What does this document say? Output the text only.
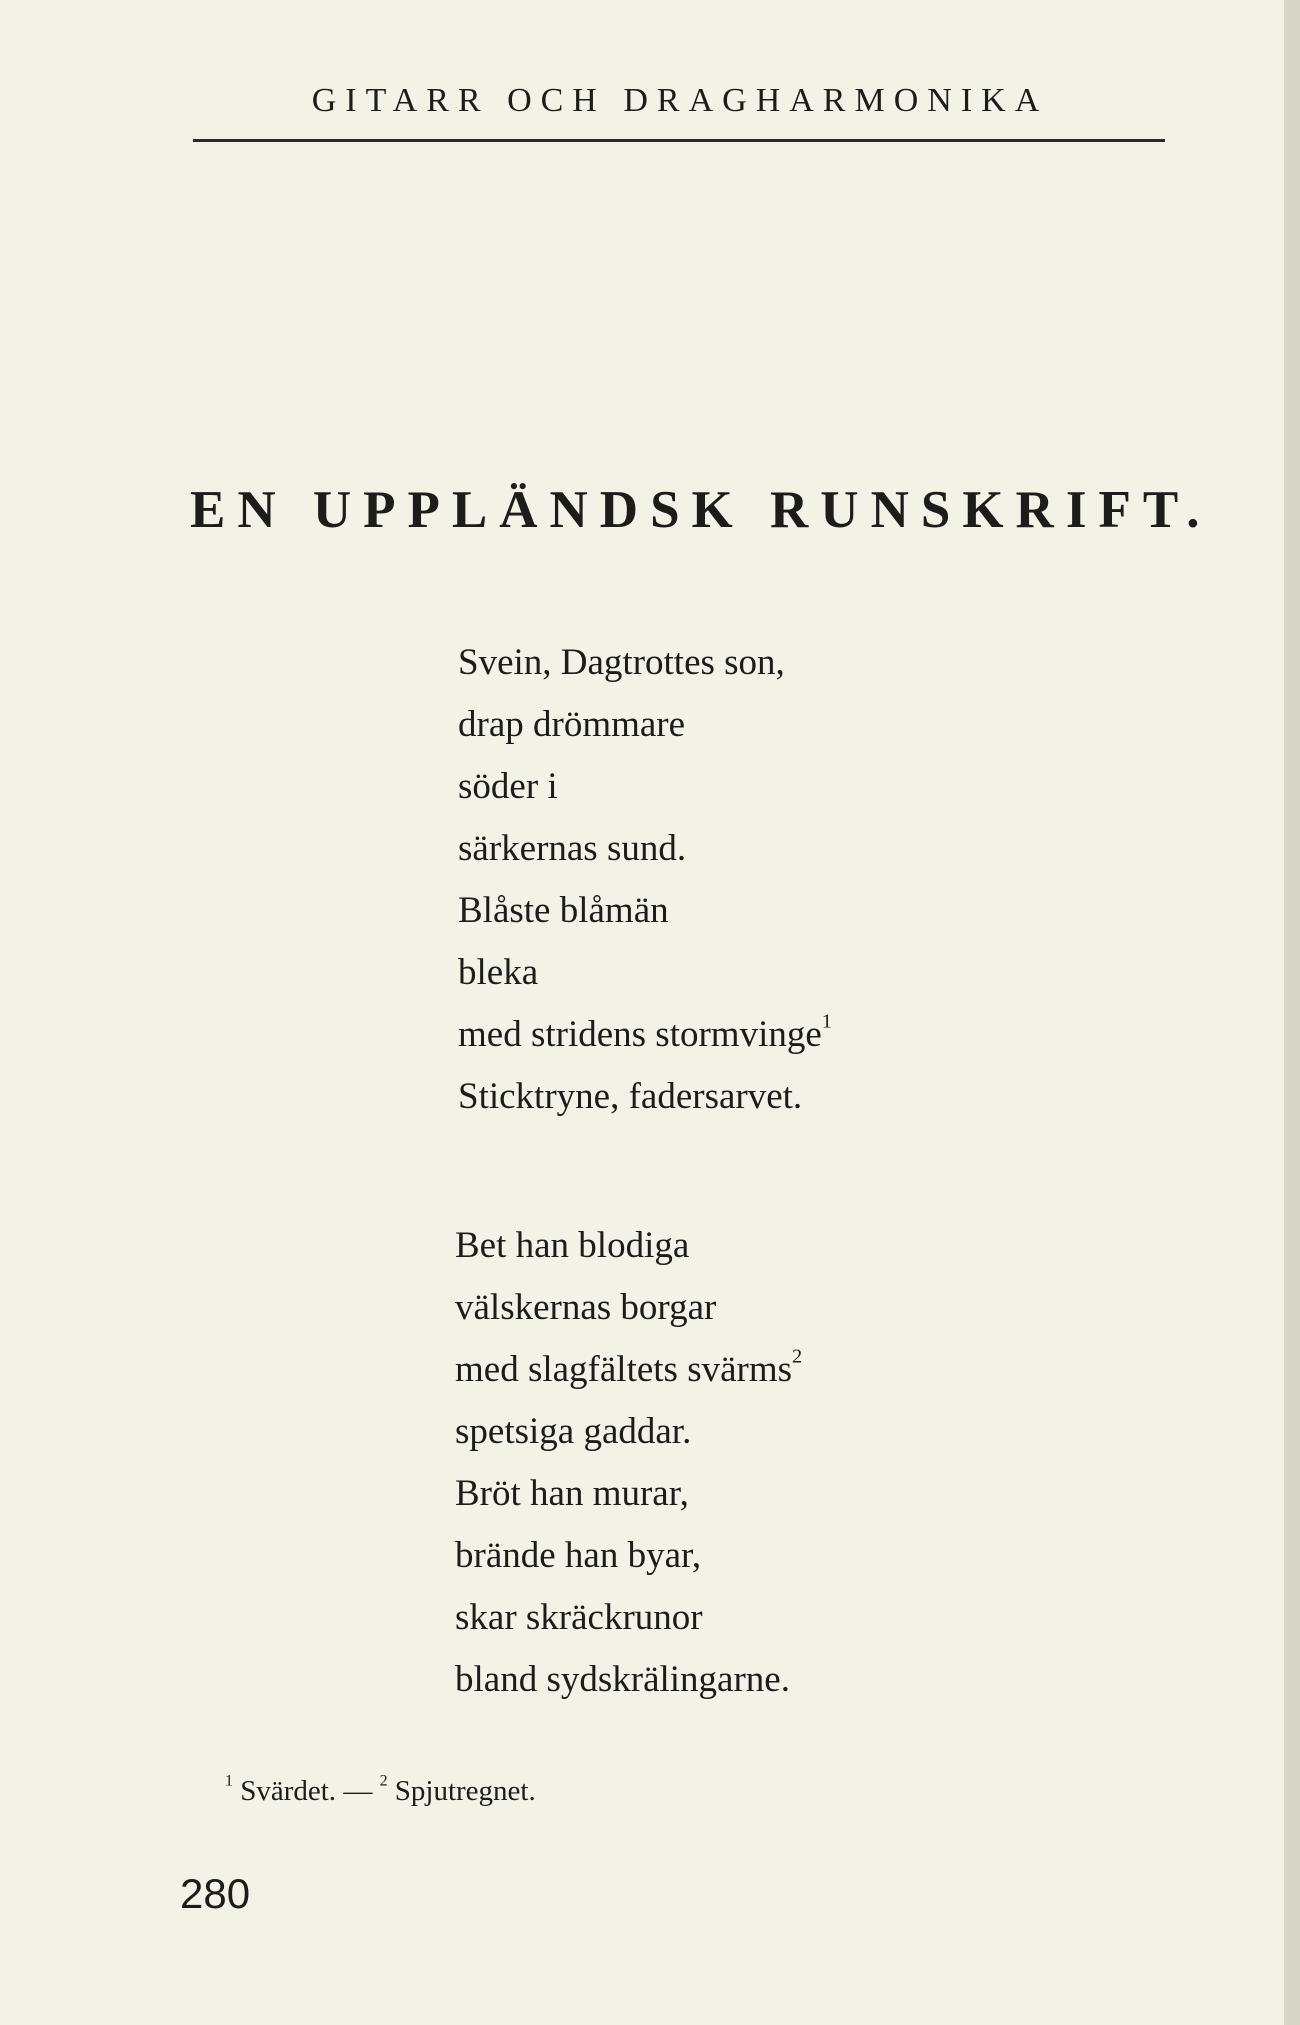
GITARR OCH DRAGHARMONIKA
EN UPPLÄNDSK RUNSKRIFT.
Svein, Dagtrottes son,
drap drömmare
söder i
särkernas sund.
Blåste blåmän
bleka
med stridens stormvinge$^1$
Sticktryne, fadersarvet.
Bet han blodiga
välskernas borgar
med slagfältets svärms$^2$
spetsiga gaddar.
Bröt han murar,
brände han byar,
skar skräckrunor
bland sydskrälingarne.
$^1$ Svärdet. — $^2$ Spjutregnet.
280
